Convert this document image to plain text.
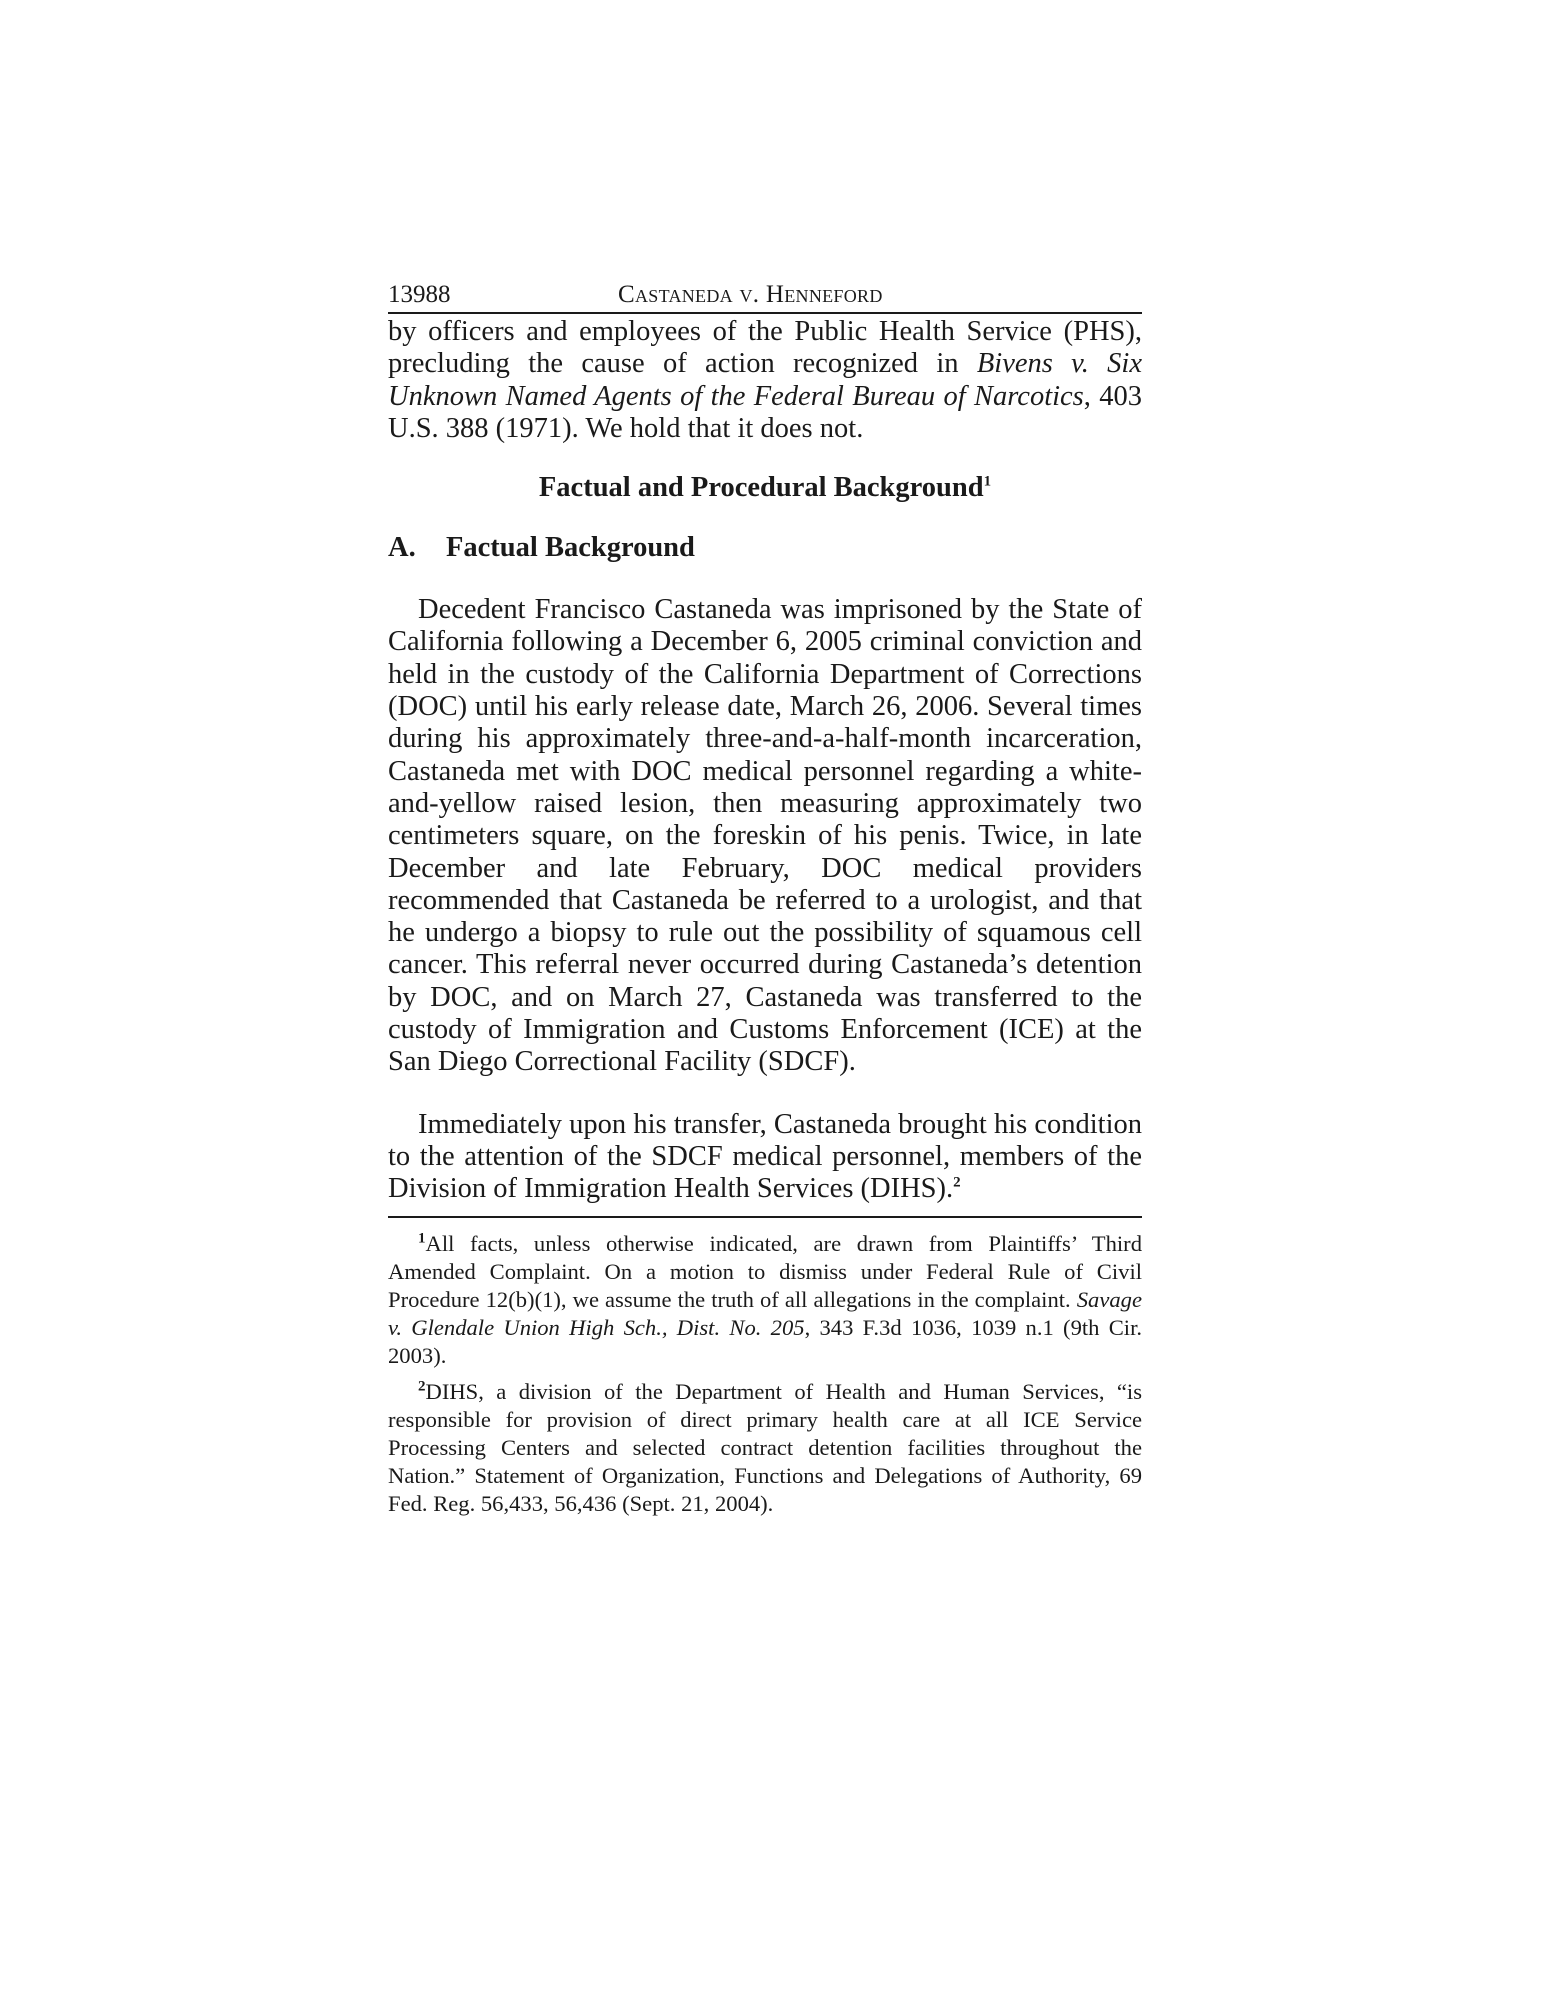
13988	Castaneda v. Henneford

by officers and employees of the Public Health Service (PHS), precluding the cause of action recognized in Bivens v. Six Unknown Named Agents of the Federal Bureau of Narcotics, 403 U.S. 388 (1971). We hold that it does not.

Factual and Procedural Background$^1$
A. Factual Background

Decedent Francisco Castaneda was imprisoned by the State of California following a December 6, 2005 criminal conviction and held in the custody of the California Department of Corrections (DOC) until his early release date, March 26, 2006. Several times during his approximately three-and-a-half-month incarceration, Castaneda met with DOC medical personnel regarding a white-and-yellow raised lesion, then measuring approximately two centimeters square, on the foreskin of his penis. Twice, in late December and late February, DOC medical providers recommended that Castaneda be referred to a urologist, and that he undergo a biopsy to rule out the possibility of squamous cell cancer. This referral never occurred during Castaneda’s detention by DOC, and on March 27, Castaneda was transferred to the custody of Immigration and Customs Enforcement (ICE) at the San Diego Correctional Facility (SDCF).

Immediately upon his transfer, Castaneda brought his condition to the attention of the SDCF medical personnel, members of the Division of Immigration Health Services (DIHS).$^2$

$^1$All facts, unless otherwise indicated, are drawn from Plaintiffs’ Third Amended Complaint. On a motion to dismiss under Federal Rule of Civil Procedure 12(b)(1), we assume the truth of all allegations in the complaint. Savage v. Glendale Union High Sch., Dist. No. 205, 343 F.3d 1036, 1039 n.1 (9th Cir. 2003).

$^2$DIHS, a division of the Department of Health and Human Services, “is responsible for provision of direct primary health care at all ICE Service Processing Centers and selected contract detention facilities throughout the Nation.” Statement of Organization, Functions and Delegations of Authority, 69 Fed. Reg. 56,433, 56,436 (Sept. 21, 2004).
